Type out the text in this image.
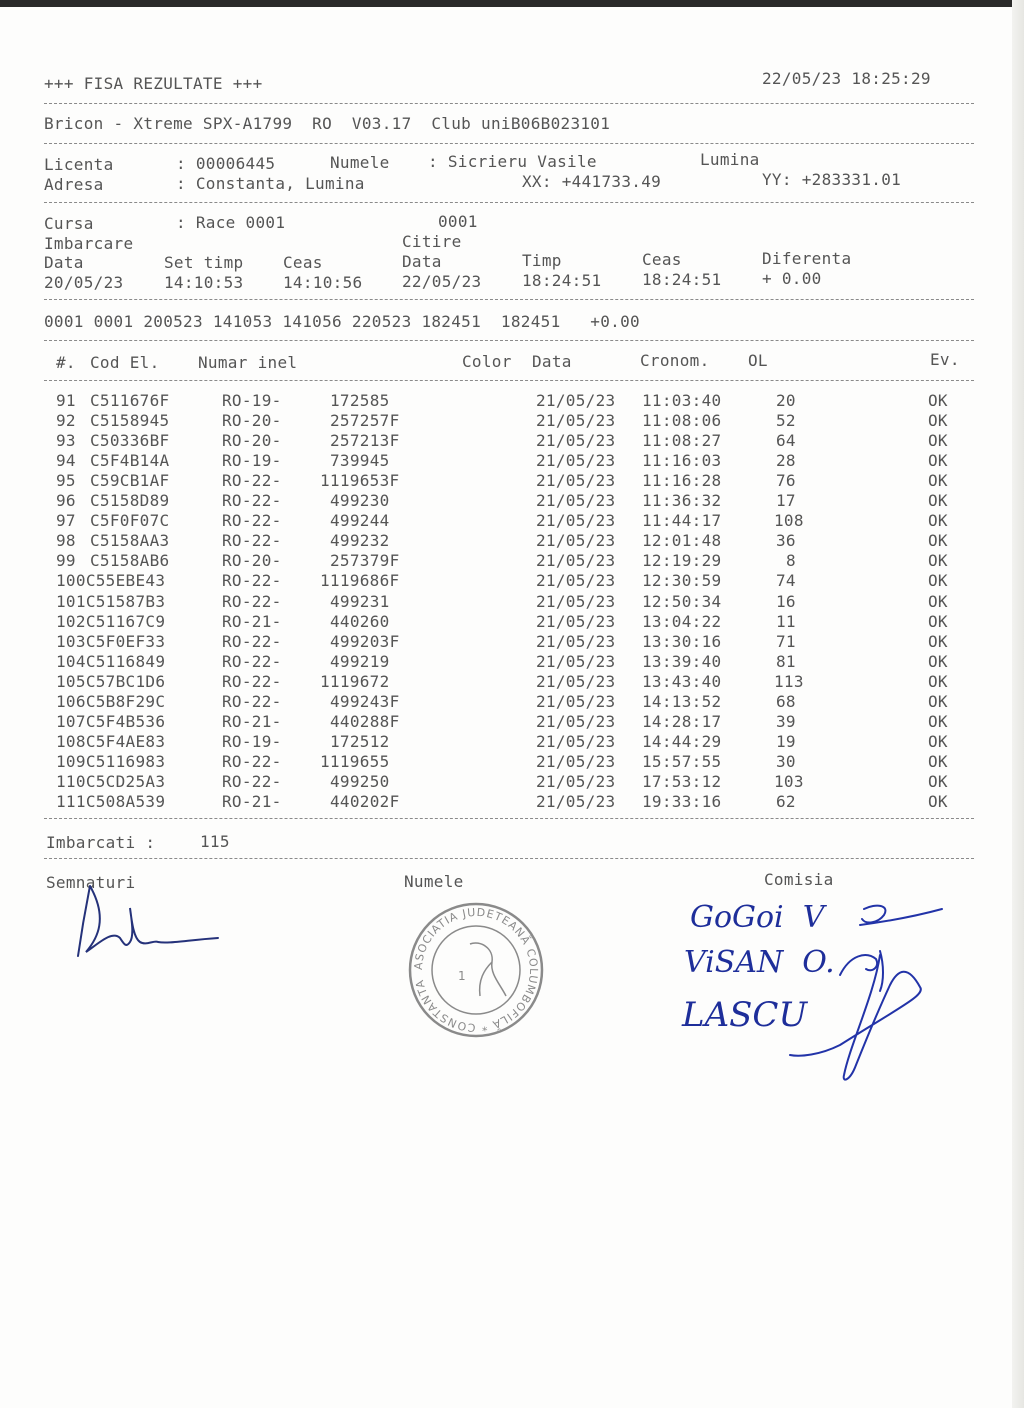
+++ FISA REZULTATE +++	22/05/23 18:25:29
Bricon - Xtreme SPX-A1799  RO  V03.17  Club uniB06B023101
Licenta	: 00006445	Numele : Sicrieru Vasile	Lumina
Adresa	: Constanta, Lumina	XX: +441733.49	YY: +283331.01
Cursa	: Race 0001	0001
Imbarcare	Citire
Data	Set timp Ceas	Data	Timp	Ceas	Diferenta
20/05/23	14:10:53 14:10:56 22/05/23	18:24:51	18:24:51	+ 0.00
0001 0001 200523 141053 141056 220523 182451  182451   +0.00
#. Cod El. Numar inel	Color Data	Cronom. OL	Ev.
91 C511676F	RO-19-	172585	21/05/23 11:03:40	20	OK
92 C5158945	RO-20-	257257F	21/05/23 11:08:06	52	OK
93 C50336BF	RO-20-	257213F	21/05/23 11:08:27	64	OK
94 C5F4B14A	RO-19-	739945	21/05/23 11:16:03	28	OK
95 C59CB1AF	RO-22- 1119653F	21/05/23 11:16:28	76	OK
96 C5158D89	RO-22-	499230	21/05/23 11:36:32	17	OK
97 C5F0F07C	RO-22-	499244	21/05/23 11:44:17	108	OK
98 C5158AA3	RO-22-	499232	21/05/23 12:01:48	36	OK
99 C5158AB6	RO-20-	257379F	21/05/23 12:19:29	8	OK
100 C55EBE43	RO-22- 1119686F	21/05/23 12:30:59	74	OK
101 C51587B3	RO-22-	499231	21/05/23 12:50:34	16	OK
102 C51167C9	RO-21-	440260	21/05/23 13:04:22	11	OK
103 C5F0EF33	RO-22-	499203F	21/05/23 13:30:16	71	OK
104 C5116849	RO-22-	499219	21/05/23 13:39:40	81	OK
105 C57BC1D6	RO-22- 1119672	21/05/23 13:43:40	113	OK
106 C5B8F29C	RO-22-	499243F	21/05/23 14:13:52	68	OK
107 C5F4B536	RO-21-	440288F	21/05/23 14:28:17	39	OK
108 C5F4AE83	RO-19-	172512	21/05/23 14:44:29	19	OK
109 C5116983	RO-22- 1119655	21/05/23 15:57:55	30	OK
110 C5CD25A3	RO-22-	499250	21/05/23 17:53:12	103	OK
111 C508A539	RO-21-	440202F	21/05/23 19:33:16	62	OK
Imbarcati :	115
Semnaturi	Numele	Comisia
ASOCIATIA JUDETEANĂ COLUMBOFILĂ * CONSTANTA
1
GoGoi  V
ViSAN  O.
LASCU
